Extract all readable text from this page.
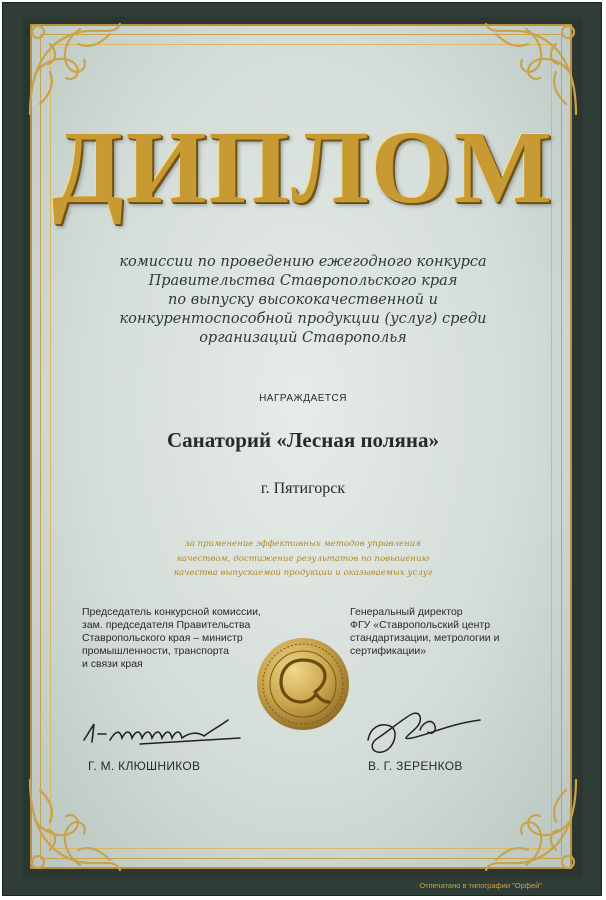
ДИПЛОМ
комиссии по проведению ежегодного конкурса
Правительства Ставропольского края
по выпуску высококачественной и
конкурентоспособной продукции (услуг) среди
организаций Ставрополья
НАГРАЖДАЕТСЯ
Санаторий «Лесная поляна»
г. Пятигорск
за применение эффективных методов управления
качеством, достижение результатов по повышению
качества выпускаемой продукции и оказываемых услуг
Председатель конкурсной комиссии,
зам. председателя Правительства
Ставропольского края – министр
промышленности, транспорта
и связи края
Генеральный директор
ФГУ «Ставропольский центр
стандартизации, метрологии и
сертификации»
Г. М. КЛЮШНИКОВ	В. Г. ЗЕРЕНКОВ
Отпечатано в типографии "Орфей"
